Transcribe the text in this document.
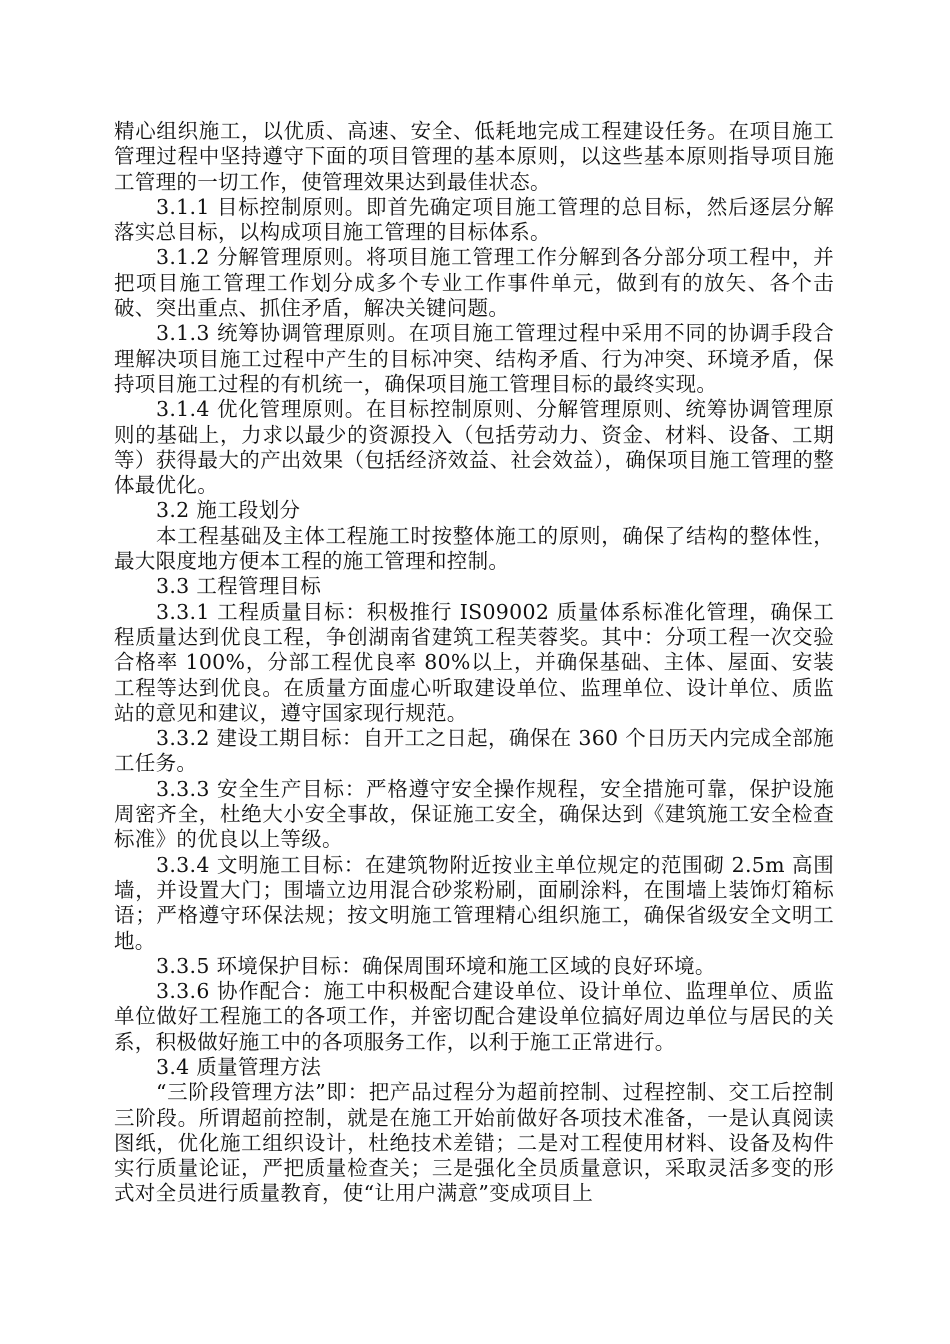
精心组织施工，以优质、高速、安全、低耗地完成工程建设任务。在项目施工管理过程中坚持遵守下面的项目管理的基本原则，以这些基本原则指导项目施工管理的一切工作，使管理效果达到最佳状态。

3.1.1 目标控制原则。即首先确定项目施工管理的总目标，然后逐层分解落实总目标，以构成项目施工管理的目标体系。

3.1.2 分解管理原则。将项目施工管理工作分解到各分部分项工程中，并把项目施工管理工作划分成多个专业工作事件单元，做到有的放矢、各个击破、突出重点、抓住矛盾，解决关键问题。

3.1.3 统筹协调管理原则。在项目施工管理过程中采用不同的协调手段合理解决项目施工过程中产生的目标冲突、结构矛盾、行为冲突、环境矛盾，保持项目施工过程的有机统一，确保项目施工管理目标的最终实现。

3.1.4 优化管理原则。在目标控制原则、分解管理原则、统筹协调管理原则的基础上，力求以最少的资源投入（包括劳动力、资金、材料、设备、工期等）获得最大的产出效果（包括经济效益、社会效益），确保项目施工管理的整体最优化。

3.2 施工段划分

本工程基础及主体工程施工时按整体施工的原则，确保了结构的整体性，最大限度地方便本工程的施工管理和控制。

3.3 工程管理目标

3.3.1 工程质量目标：积极推行 IS09002 质量体系标准化管理，确保工程质量达到优良工程，争创湖南省建筑工程芙蓉奖。其中：分项工程一次交验合格率 100%，分部工程优良率 80%以上，并确保基础、主体、屋面、安装工程等达到优良。在质量方面虚心听取建设单位、监理单位、设计单位、质监站的意见和建议，遵守国家现行规范。

3.3.2 建设工期目标：自开工之日起，确保在 360 个日历天内完成全部施工任务。

3.3.3 安全生产目标：严格遵守安全操作规程，安全措施可靠，保护设施周密齐全，杜绝大小安全事故，保证施工安全，确保达到《建筑施工安全检查标准》的优良以上等级。

3.3.4 文明施工目标：在建筑物附近按业主单位规定的范围砌 2.5m 高围墙，并设置大门；围墙立边用混合砂浆粉刷，面刷涂料，在围墙上装饰灯箱标语；严格遵守环保法规；按文明施工管理精心组织施工，确保省级安全文明工地。

3.3.5 环境保护目标：确保周围环境和施工区域的良好环境。

3.3.6 协作配合：施工中积极配合建设单位、设计单位、监理单位、质监单位做好工程施工的各项工作，并密切配合建设单位搞好周边单位与居民的关系，积极做好施工中的各项服务工作，以利于施工正常进行。

3.4 质量管理方法

“三阶段管理方法”即：把产品过程分为超前控制、过程控制、交工后控制三阶段。所谓超前控制，就是在施工开始前做好各项技术准备，一是认真阅读图纸，优化施工组织设计，杜绝技术差错；二是对工程使用材料、设备及构件实行质量论证，严把质量检查关；三是强化全员质量意识，采取灵活多变的形式对全员进行质量教育，使“让用户满意”变成项目上
